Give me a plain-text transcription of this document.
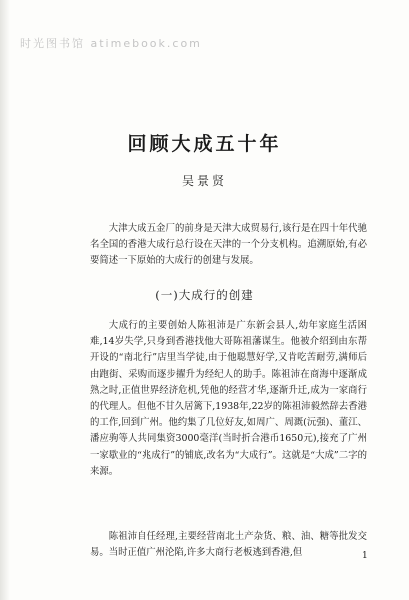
时光图书馆 atimebook.com
回顾大成五十年
吴景贤

大津大成五金厂的前身是天津大成贸易行,该行是在四十年代驰名全国的香港大成行总行设在天津的一个分支机构。追溯原始,有必要简述一下原始的大成行的创建与发展。

(一)大成行的创建

大成行的主要创始人陈祖沛是广东新会县人,幼年家庭生活困难,14岁失学,只身到香港找他大哥陈祖藩谋生。他被介绍到由东帮开设的“南北行”店里当学徒,由于他聪慧好学,又肯吃苦耐劳,满师后由跑街、采购而逐步擢升为经纪人的助手。陈祖沛在商海中逐渐成熟之时,正值世界经济危机,凭他的经营才华,逐渐升迁,成为一家商行的代理人。但他不甘久居篱下,1938年,22岁的陈祖沛毅然辞去香港的工作,回到广州。他约集了几位好友,如周广、周溉(沅强)、董江、潘应驹等人共同集资3000毫洋(当时折合港币1650元),接充了广州一家歇业的“兆成行”的铺底,改名为“大成行”。这就是“大成”二字的来源。

陈祖沛自任经理,主要经营南北土产杂货、粮、油、糖等批发交易。当时正值广州沦陷,许多大商行老板逃到香港,但	1
